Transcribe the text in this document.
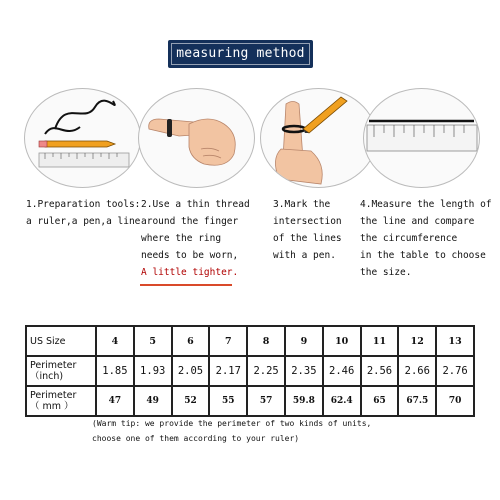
measuring method
1.Preparation tools:
a ruler,a pen,a line
2.Use a thin thread
around the finger
where the ring
needs to be worn,
A little tighter.
3.Mark the
intersection
of the lines
with a pen.
4.Measure the length of
the line and compare
the circumference
in the table to choose
the size.
US Size	4	5	6	7	8	9	10	11	12	13

Perimeter
（inch)	1.85	1.93	2.05	2.17	2.25	2.35	2.46	2.56	2.66	2.76

Perimeter
（ mm ）	47	49	52	55	57	59.8	62.4	65	67.5	70
(Warm tip: we provide the perimeter of two kinds of units,
choose one of them according to your ruler)
